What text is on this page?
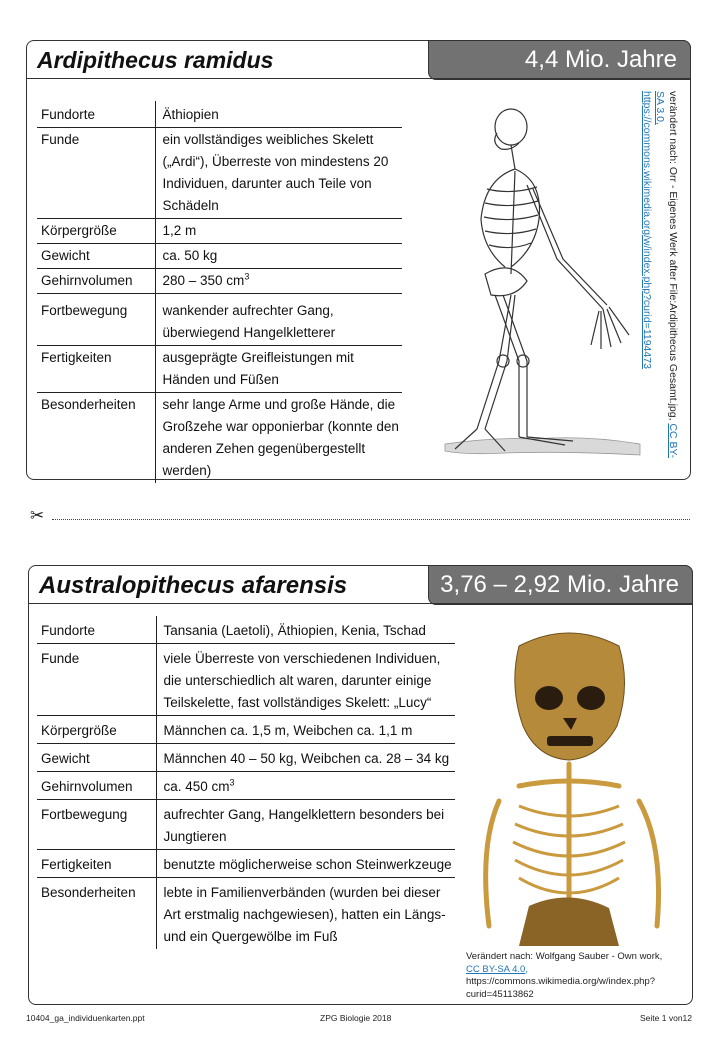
Ardipithecus ramidus	4,4 Mio. Jahre
Fundorte	Äthiopien
Funde	ein vollständiges weibliches Skelett („Ardi“), Überreste von mindestens 20 Individuen, darunter auch Teile von Schädeln
Körpergröße	1,2 m
Gewicht	ca. 50 kg
Gehirnvolumen	280 – 350 $cm^3$
Fortbewegung	wankender aufrechter Gang, überwiegend Hangelkletterer
Fertigkeiten	ausgeprägte Greifleistungen mit Händen und Füßen
Besonderheiten	sehr lange Arme und große Hände, die Großzehe war opponierbar (konnte den anderen Zehen gegenübergestellt werden)
verändert nach: Orr - Eigenes Werk after File:Ardipithecus Gesamt.jpg, CC BY-SA 3.0,
https://commons.wikimedia.org/w/index.php?curid=1194473
✂
Australopithecus afarensis	3,76 – 2,92 Mio. Jahre
Fundorte	Tansania (Laetoli), Äthiopien, Kenia, Tschad
Funde	viele Überreste von verschiedenen Individuen, die unterschiedlich alt waren, darunter einige Teilskelette, fast vollständiges Skelett: „Lucy“
Körpergröße	Männchen ca. 1,5 m, Weibchen ca. 1,1 m
Gewicht	Männchen 40 – 50 kg, Weibchen ca. 28 – 34 kg
Gehirnvolumen	ca. 450 $cm^3$
Fortbewegung	aufrechter Gang, Hangelklettern besonders bei Jungtieren
Fertigkeiten	benutzte möglicherweise schon Steinwerkzeuge
Besonderheiten	lebte in Familienverbänden (wurden bei dieser Art erstmalig nachgewiesen), hatten ein Längs- und ein Quergewölbe im Fuß
Verändert nach: Wolfgang Sauber - Own work,
CC BY-SA 4.0,
https://commons.wikimedia.org/w/index.php?curid=45113862
10404_ga_individuenkarten.ppt	ZPG Biologie 2018	Seite 1 von12
